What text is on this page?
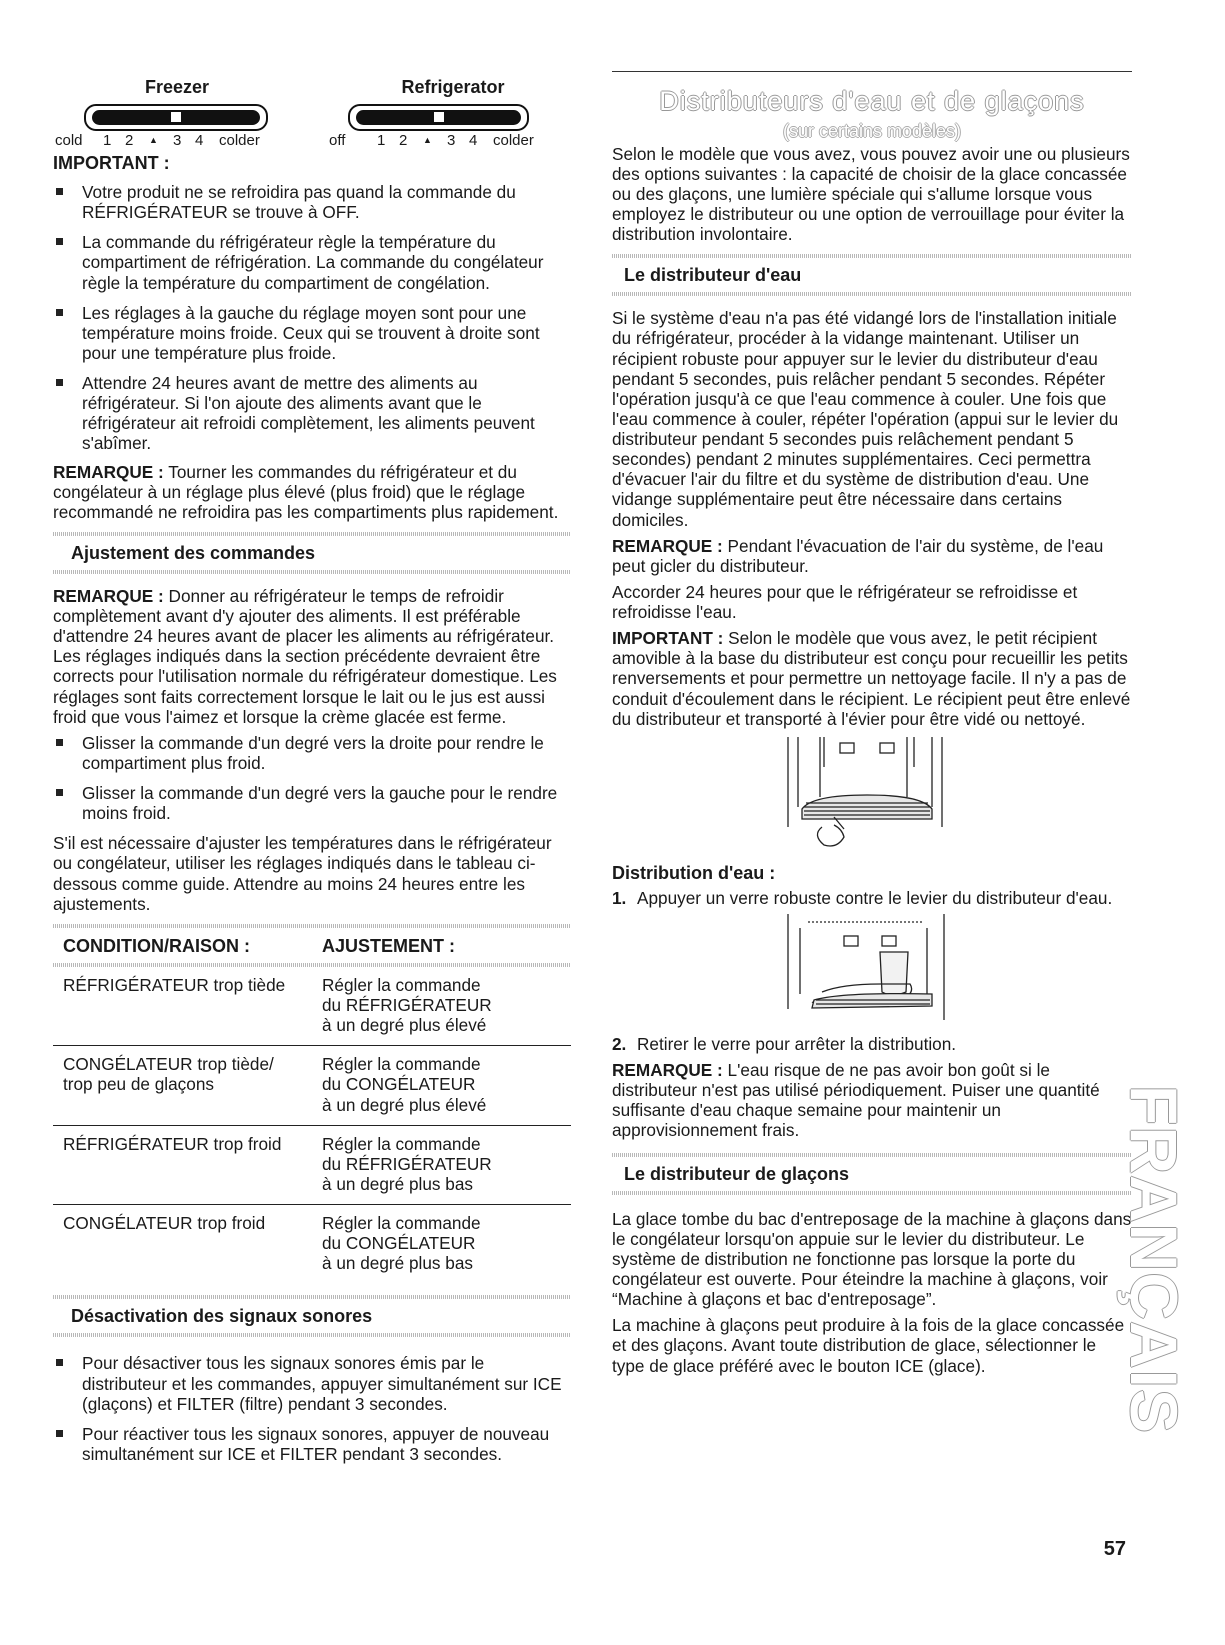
Freezer
cold 1 2 ▲ 3 4 colder
Refrigerator
off 1 2 ▲ 3 4 colder

IMPORTANT :

Votre produit ne se refroidira pas quand la commande du RÉFRIGÉRATEUR se trouve à OFF.
La commande du réfrigérateur règle la température du compartiment de réfrigération. La commande du congélateur règle la température du compartiment de congélation.
Les réglages à la gauche du réglage moyen sont pour une température moins froide. Ceux qui se trouvent à droite sont pour une température plus froide.
Attendre 24 heures avant de mettre des aliments au réfrigérateur. Si l'on ajoute des aliments avant que le réfrigérateur ait refroidi complètement, les aliments peuvent s'abîmer.

REMARQUE : Tourner les commandes du réfrigérateur et du congélateur à un réglage plus élevé (plus froid) que le réglage recommandé ne refroidira pas les compartiments plus rapidement.

Ajustement des commandes

REMARQUE : Donner au réfrigérateur le temps de refroidir complètement avant d'y ajouter des aliments. Il est préférable d'attendre 24 heures avant de placer les aliments au réfrigérateur. Les réglages indiqués dans la section précédente devraient être corrects pour l'utilisation normale du réfrigérateur domestique. Les réglages sont faits correctement lorsque le lait ou le jus est aussi froid que vous l'aimez et lorsque la crème glacée est ferme.

Glisser la commande d'un degré vers la droite pour rendre le compartiment plus froid.
Glisser la commande d'un degré vers la gauche pour le rendre moins froid.

S'il est nécessaire d'ajuster les températures dans le réfrigérateur ou congélateur, utiliser les réglages indiqués dans le tableau ci-dessous comme guide. Attendre au moins 24 heures entre les ajustements.

CONDITION/RAISON :	AJUSTEMENT :

RÉFRIGÉRATEUR trop tiède	Régler la commande
du RÉFRIGÉRATEUR
à un degré plus élevé
CONGÉLATEUR trop tiède/
trop peu de glaçons	Régler la commande
du CONGÉLATEUR
à un degré plus élevé
RÉFRIGÉRATEUR trop froid	Régler la commande
du RÉFRIGÉRATEUR
à un degré plus bas
CONGÉLATEUR trop froid	Régler la commande
du CONGÉLATEUR
à un degré plus bas
Désactivation des signaux sonores
Pour désactiver tous les signaux sonores émis par le distributeur et les commandes, appuyer simultanément sur ICE (glaçons) et FILTER (filtre) pendant 3 secondes.
Pour réactiver tous les signaux sonores, appuyer de nouveau simultanément sur ICE et FILTER pendant 3 secondes.
Distributeurs d'eau et de glaçons
(sur certains modèles)

Selon le modèle que vous avez, vous pouvez avoir une ou plusieurs des options suivantes : la capacité de choisir de la glace concassée ou des glaçons, une lumière spéciale qui s'allume lorsque vous employez le distributeur ou une option de verrouillage pour éviter la distribution involontaire.

Le distributeur d'eau

Si le système d'eau n'a pas été vidangé lors de l'installation initiale du réfrigérateur, procéder à la vidange maintenant. Utiliser un récipient robuste pour appuyer sur le levier du distributeur d'eau pendant 5 secondes, puis relâcher pendant 5 secondes. Répéter l'opération jusqu'à ce que l'eau commence à couler. Une fois que l'eau commence à couler, répéter l'opération (appui sur le levier du distributeur pendant 5 secondes puis relâchement pendant 5 secondes) pendant 2 minutes supplémentaires. Ceci permettra d'évacuer l'air du filtre et du système de distribution d'eau. Une vidange supplémentaire peut être nécessaire dans certains domiciles.

REMARQUE : Pendant l'évacuation de l'air du système, de l'eau peut gicler du distributeur.

Accorder 24 heures pour que le réfrigérateur se refroidisse et refroidisse l'eau.

IMPORTANT : Selon le modèle que vous avez, le petit récipient amovible à la base du distributeur est conçu pour recueillir les petits renversements et pour permettre un nettoyage facile. Il n'y a pas de conduit d'écoulement dans le récipient. Le récipient peut être enlevé du distributeur et transporté à l'évier pour être vidé ou nettoyé.

Distribution d'eau :

1. Appuyer un verre robuste contre le levier du distributeur d'eau.
2. Retirer le verre pour arrêter la distribution.

REMARQUE : L'eau risque de ne pas avoir bon goût si le distributeur n'est pas utilisé périodiquement. Puiser une quantité suffisante d'eau chaque semaine pour maintenir un approvisionnement frais.

Le distributeur de glaçons

La glace tombe du bac d'entreposage de la machine à glaçons dans le congélateur lorsqu'on appuie sur le levier du distributeur. Le système de distribution ne fonctionne pas lorsque la porte du congélateur est ouverte. Pour éteindre la machine à glaçons, voir “Machine à glaçons et bac d'entreposage”.

La machine à glaçons peut produire à la fois de la glace concassée et des glaçons. Avant toute distribution de glace, sélectionner le type de glace préféré avec le bouton ICE (glace).	FRANÇAIS
57
